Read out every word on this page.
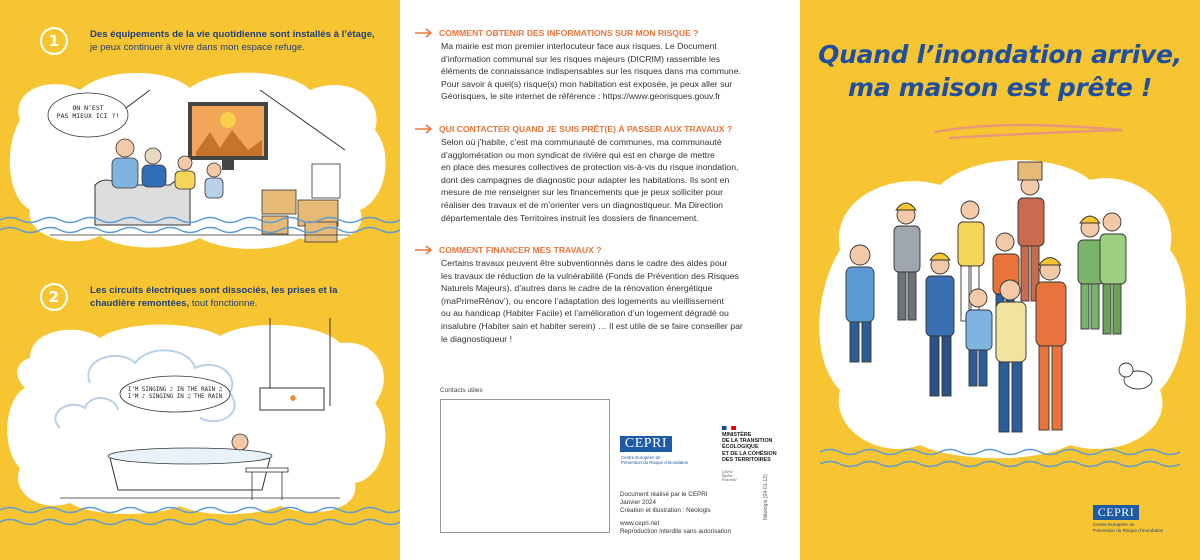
1	Des équipements de la vie quotidienne sont installés à l’étage, je peux continuer à vivre dans mon espace refuge.
ON N’EST
PAS MIEUX ICI ?!
2	Les circuits électriques sont dissociés, les prises et la chaudière remontées, tout fonctionne.
I’M SINGING ♪ IN THE RAIN ♫
I’M ♪ SINGING IN ♫ THE RAIN
COMMENT OBTENIR DES INFORMATIONS SUR MON RISQUE ?
Ma mairie est mon premier interlocuteur face aux risques. Le Document
d’information communal sur les risques majeurs (DICRIM) rassemble les
éléments de connaissance indispensables sur les risques dans ma commune.
Pour savoir à quel(s) risque(s) mon habitation est exposée, je peux aller sur
Géorisques, le site internet de référence : https://www.georisques.gouv.fr
QUI CONTACTER QUAND JE SUIS PRÊT(E) À PASSER AUX TRAVAUX ?
Selon où j’habite, c’est ma communauté de communes, ma communauté
d’agglomération ou mon syndicat de rivière qui est en charge de mettre
en place des mesures collectives de protection vis-à-vis du risque inondation,
dont des campagnes de diagnostic pour adapter les habitations. Ils sont en
mesure de me renseigner sur les financements que je peux solliciter pour
réaliser des travaux et de m’orienter vers un diagnostiqueur. Ma Direction
départementale des Territoires instruit les dossiers de financement.
COMMENT FINANCER MES TRAVAUX ?
Certains travaux peuvent être subventionnés dans le cadre des aides pour
les travaux de réduction de la vulnérabilité (Fonds de Prévention des Risques
Naturels Majeurs), d’autres dans le cadre de la rénovation énergétique
(maPrimeRénov’), ou encore l’adaptation des logements au vieillissement
ou au handicap (Habiter Facile) et l’amélioration d’un logement dégradé ou
insalubre (Habiter sain et habiter serein) … Il est utile de se faire conseiller par
le diagnostiqueur !
Contacts utiles
CEPRI
Centre Européen de
Prévention du Risque d’Inondation
MINISTÈRE
DE LA TRANSITION
ÉCOLOGIQUE
ET DE LA COHÉSION
DES TERRITOIRES
Liberté
Égalité
Fraternité
Document réalisé par le CEPRI
Janvier 2024
Création et illustration : Néologis
www.cepri.net
Reproduction interdite sans autorisation
Néologis (24-01-12)
Quand l’inondation arrive,
ma maison est prête !
CEPRI
Centre Européen de
Prévention du Risque d’Inondation
